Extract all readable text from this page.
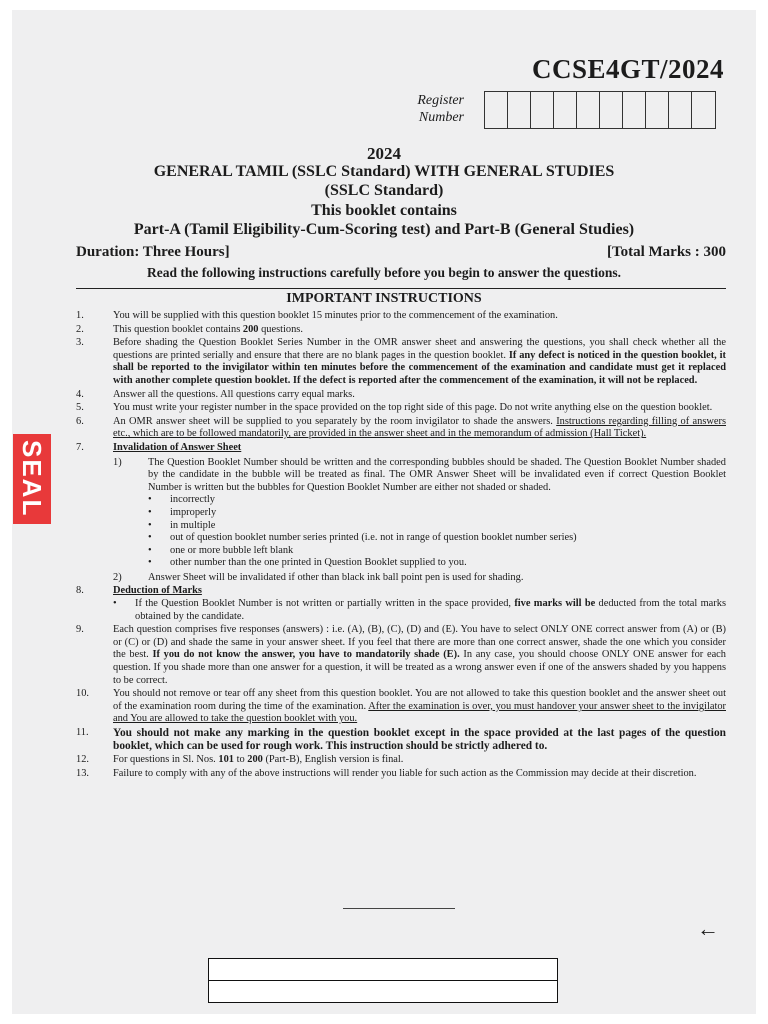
CCSE4GT/2024
Register
Number
2024
GENERAL TAMIL (SSLC Standard) WITH GENERAL STUDIES
(SSLC Standard)
This booklet contains
Part-A (Tamil Eligibility-Cum-Scoring test) and Part-B (General Studies)
Duration: Three Hours]	[Total Marks : 300
Read the following instructions carefully before you begin to answer the questions.
IMPORTANT INSTRUCTIONS
1.	You will be supplied with this question booklet 15 minutes prior to the commencement of the examination.
2.	This question booklet contains 200 questions.
3.	Before shading the Question Booklet Series Number in the OMR answer sheet and answering the questions, you shall check whether all the questions are printed serially and ensure that there are no blank pages in the question booklet. If any defect is noticed in the question booklet, it shall be reported to the invigilator within ten minutes before the commencement of the examination and candidate must get it replaced with another complete question booklet. If the defect is reported after the commencement of the examination, it will not be replaced.
4.	Answer all the questions. All questions carry equal marks.
5.	You must write your register number in the space provided on the top right side of this page. Do not write anything else on the question booklet.
6.	An OMR answer sheet will be supplied to you separately by the room invigilator to shade the answers. Instructions regarding filling of answers etc., which are to be followed mandatorily, are provided in the answer sheet and in the memorandum of admission (Hall Ticket).
7.	Invalidation of Answer Sheet
1)	The Question Booklet Number should be written and the corresponding bubbles should be shaded. The Question Booklet Number shaded by the candidate in the bubble will be treated as final. The OMR Answer Sheet will be invalidated even if correct Question Booklet Number is written but the bubbles for Question Booklet Number are either not shaded or shaded.
•	incorrectly
•	improperly
•	in multiple
•	out of question booklet number series printed (i.e. not in range of question booklet number series)
•	one or more bubble left blank
•	other number than the one printed in Question Booklet supplied to you.
2)	Answer Sheet will be invalidated if other than black ink ball point pen is used for shading.
8.	Deduction of Marks
•	If the Question Booklet Number is not written or partially written in the space provided, five marks will be deducted from the total marks obtained by the candidate.
9.	Each question comprises five responses (answers) : i.e. (A), (B), (C), (D) and (E). You have to select ONLY ONE correct answer from (A) or (B) or (C) or (D) and shade the same in your answer sheet. If you feel that there are more than one correct answer, shade the one which you consider the best. If you do not know the answer, you have to mandatorily shade (E). In any case, you should choose ONLY ONE answer for each question. If you shade more than one answer for a question, it will be treated as a wrong answer even if one of the answers shaded by you happens to be correct.
10.	You should not remove or tear off any sheet from this question booklet. You are not allowed to take this question booklet and the answer sheet out of the examination room during the time of the examination. After the examination is over, you must handover your answer sheet to the invigilator and You are allowed to take the question booklet with you.
11.	You should not make any marking in the question booklet except in the space provided at the last pages of the question booklet, which can be used for rough work. This instruction should be strictly adhered to.
12.	For questions in Sl. Nos. 101 to 200 (Part-B), English version is final.
13.	Failure to comply with any of the above instructions will render you liable for such action as the Commission may decide at their discretion.
SEAL
←
